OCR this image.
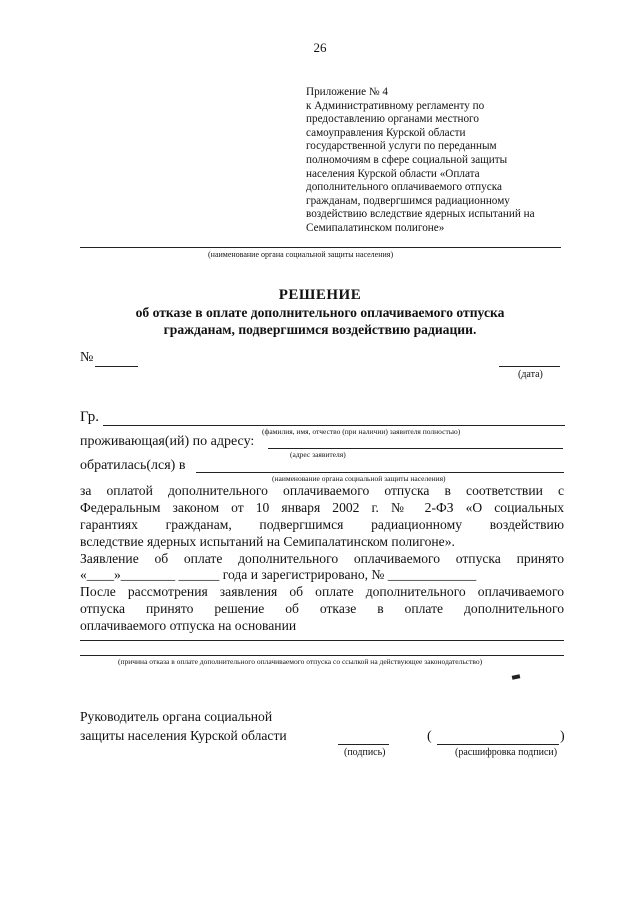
26
Приложение № 4
к Административному регламенту по
предоставлению органами местного
самоуправления Курской области
государственной услуги по переданным
полномочиям в сфере социальной защиты
населения Курской области «Оплата
дополнительного оплачиваемого отпуска
гражданам, подвергшимся радиационному
воздействию вследствие ядерных испытаний на
Семипалатинском полигоне»
(наименование органа социальной защиты населения)
РЕШЕНИЕ
об отказе в оплате дополнительного оплачиваемого отпуска
гражданам, подвергшимся воздействию радиации.
№
(дата)
Гр.
(фамилия, имя, отчество (при наличии) заявителя полностью)
проживающая(ий) по адресу:
(адрес заявителя)
обратилась(лся) в
(наименование органа социальной защиты населения)
за оплатой дополнительного оплачиваемого отпуска в соответствии с
Федеральным законом от 10 января 2002 г. № 2-ФЗ «О социальных
гарантиях гражданам, подвергшимся радиационному воздействию
вследствие ядерных испытаний на Семипалатинском полигоне».
Заявление об оплате дополнительного оплачиваемого отпуска принято
«____»________ ______ года и зарегистрировано, № _____________
После рассмотрения заявления об оплате дополнительного оплачиваемого
отпуска принято решение об отказе в оплате дополнительного
оплачиваемого отпуска на основании
(причина отказа в оплате дополнительного оплачиваемого отпуска со ссылкой на действующее законодательство)
Руководитель органа социальной
защиты населения Курской области
(подпись)
(	)
(расшифровка подписи)
